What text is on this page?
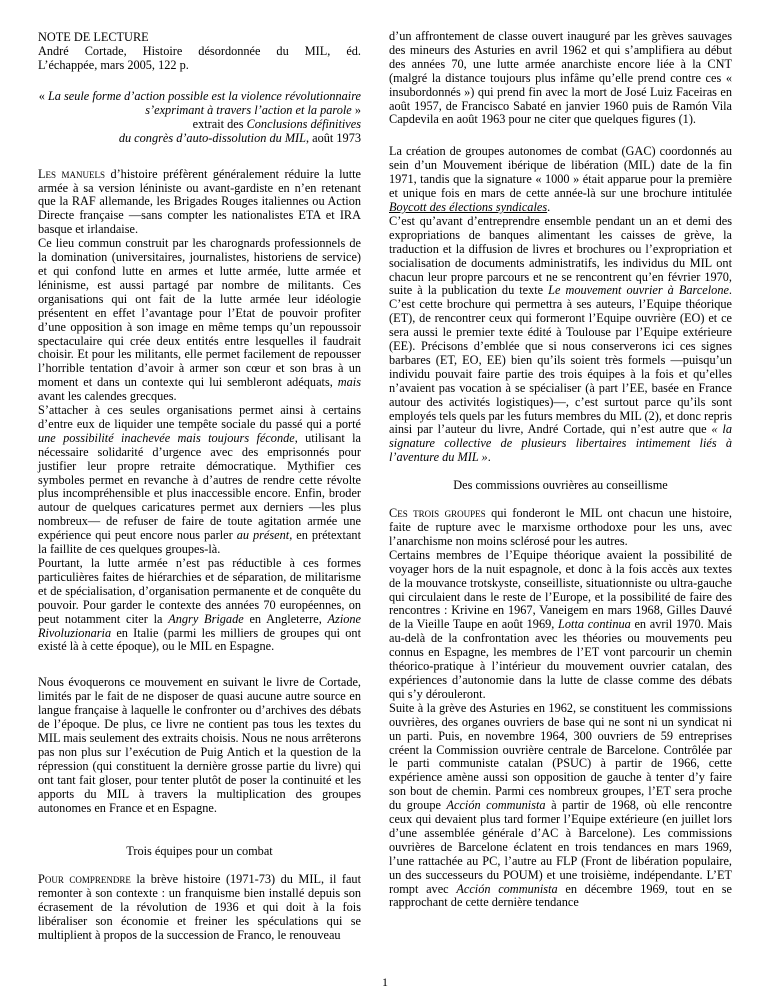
NOTE DE LECTURE

André Cortade, Histoire désordonnée du MIL, éd.

L’échappée, mars 2005, 122 p.

« La seule forme d’action possible est la violence révolutionnaire s’exprimant à travers l’action et la parole »
extrait des Conclusions définitives
du congrès d’auto-dissolution du MIL, août 1973

Les manuels d’histoire préfèrent généralement réduire la lutte armée à sa version léniniste ou avant-gardiste en n’en retenant que la RAF allemande, les Brigades Rouges italiennes ou Action Directe française —sans compter les nationalistes ETA et IRA basque et irlandaise.

Ce lieu commun construit par les charognards professionnels de la domination (universitaires, journalistes, historiens de service) et qui confond lutte en armes et lutte armée, lutte armée et léninisme, est aussi partagé par nombre de militants. Ces organisations qui ont fait de la lutte armée leur idéologie présentent en effet l’avantage pour l’Etat de pouvoir profiter d’une opposition à son image en même temps qu’un repoussoir spectaculaire qui crée deux entités entre lesquelles il faudrait choisir. Et pour les militants, elle permet facilement de repousser l’horrible tentation d’avoir à armer son cœur et son bras à un moment et dans un contexte qui lui sembleront adéquats, mais avant les calendes grecques.

S’attacher à ces seules organisations permet ainsi à certains d’entre eux de liquider une tempête sociale du passé qui a porté une possibilité inachevée mais toujours féconde, utilisant la nécessaire solidarité d’urgence avec des emprisonnés pour justifier leur propre retraite démocratique. Mythifier ces symboles permet en revanche à d’autres de rendre cette révolte plus incompréhensible et plus inaccessible encore. Enfin, broder autour de quelques caricatures permet aux derniers —les plus nombreux— de refuser de faire de toute agitation armée une expérience qui peut encore nous parler au présent, en prétextant la faillite de ces quelques groupes-là.

Pourtant, la lutte armée n’est pas réductible à ces formes particulières faites de hiérarchies et de séparation, de militarisme et de spécialisation, d’organisation permanente et de conquête du pouvoir. Pour garder le contexte des années 70 européennes, on peut notamment citer la Angry Brigade en Angleterre, Azione Rivoluzionaria en Italie (parmi les milliers de groupes qui ont existé là à cette époque), ou le MIL en Espagne.

Nous évoquerons ce mouvement en suivant le livre de Cortade, limités par le fait de ne disposer de quasi aucune autre source en langue française à laquelle le confronter ou d’archives des débats de l’époque. De plus, ce livre ne contient pas tous les textes du MIL mais seulement des extraits choisis. Nous ne nous arrêterons pas non plus sur l’exécution de Puig Antich et la question de la répression (qui constituent la dernière grosse partie du livre) qui ont tant fait gloser, pour tenter plutôt de poser la continuité et les apports du MIL à travers la multiplication des groupes autonomes en France et en Espagne.

Trois équipes pour un combat

Pour comprendre la brève histoire (1971-73) du MIL, il faut remonter à son contexte : un franquisme bien installé depuis son écrasement de la révolution de 1936 et qui doit à la fois libéraliser son économie et freiner les spéculations qui se multiplient à propos de la succession de Franco, le renouveau

d’un affrontement de classe ouvert inauguré par les grèves sauvages des mineurs des Asturies en avril 1962 et qui s’amplifiera au début des années 70, une lutte armée anarchiste encore liée à la CNT (malgré la distance toujours plus infâme qu’elle prend contre ces « insubordonnés ») qui prend fin avec la mort de José Luiz Faceiras en août 1957, de Francisco Sabaté en janvier 1960 puis de Ramón Vila Capdevila en août 1963 pour ne citer que quelques figures (1).

La création de groupes autonomes de combat (GAC) coordonnés au sein d’un Mouvement ibérique de libération (MIL) date de la fin 1971, tandis que la signature « 1000 » était apparue pour la première et unique fois en mars de cette année-là sur une brochure intitulée Boycott des élections syndicales.

C’est qu’avant d’entreprendre ensemble pendant un an et demi des expropriations de banques alimentant les caisses de grève, la traduction et la diffusion de livres et brochures ou l’expropriation et socialisation de documents administratifs, les individus du MIL ont chacun leur propre parcours et ne se rencontrent qu’en février 1970, suite à la publication du texte Le mouvement ouvrier à Barcelone. C’est cette brochure qui permettra à ses auteurs, l’Equipe théorique (ET), de rencontrer ceux qui formeront l’Equipe ouvrière (EO) et ce sera aussi le premier texte édité à Toulouse par l’Equipe extérieure (EE). Précisons d’emblée que si nous conserverons ici ces signes barbares (ET, EO, EE) bien qu’ils soient très formels —puisqu’un individu pouvait faire partie des trois équipes à la fois et qu’elles n’avaient pas vocation à se spécialiser (à part l’EE, basée en France autour des activités logistiques)—, c’est surtout parce qu’ils sont employés tels quels par les futurs membres du MIL (2), et donc repris ainsi par l’auteur du livre, André Cortade, qui n’est autre que « la signature collective de plusieurs libertaires intimement liés à l’aventure du MIL ».

Des commissions ouvrières au conseillisme

Ces trois groupes qui fonderont le MIL ont chacun une histoire, faite de rupture avec le marxisme orthodoxe pour les uns, avec l’anarchisme non moins sclérosé pour les autres.

Certains membres de l’Equipe théorique avaient la possibilité de voyager hors de la nuit espagnole, et donc à la fois accès aux textes de la mouvance trotskyste, conseilliste, situationniste ou ultra-gauche qui circulaient dans le reste de l’Europe, et la possibilité de faire des rencontres : Krivine en 1967, Vaneigem en mars 1968, Gilles Dauvé de la Vieille Taupe en août 1969, Lotta continua en avril 1970. Mais au-delà de la confrontation avec les théories ou mouvements peu connus en Espagne, les membres de l’ET vont parcourir un chemin théorico-pratique à l’intérieur du mouvement ouvrier catalan, des expériences d’autonomie dans la lutte de classe comme des débats qui s’y dérouleront.

Suite à la grève des Asturies en 1962, se constituent les commissions ouvrières, des organes ouvriers de base qui ne sont ni un syndicat ni un parti. Puis, en novembre 1964, 300 ouvriers de 59 entreprises créent la Commission ouvrière centrale de Barcelone. Contrôlée par le parti communiste catalan (PSUC) à partir de 1966, cette expérience amène aussi son opposition de gauche à tenter d’y faire son bout de chemin. Parmi ces nombreux groupes, l’ET sera proche du groupe Acción communista à partir de 1968, où elle rencontre ceux qui devaient plus tard former l’Equipe extérieure (en juillet lors d’une assemblée générale d’AC à Barcelone). Les commissions ouvrières de Barcelone éclatent en trois tendances en mars 1969, l’une rattachée au PC, l’autre au FLP (Front de libération populaire, un des successeurs du POUM) et une troisième, indépendante. L’ET rompt avec Acción communista en décembre 1969, tout en se rapprochant de cette dernière tendance

1
